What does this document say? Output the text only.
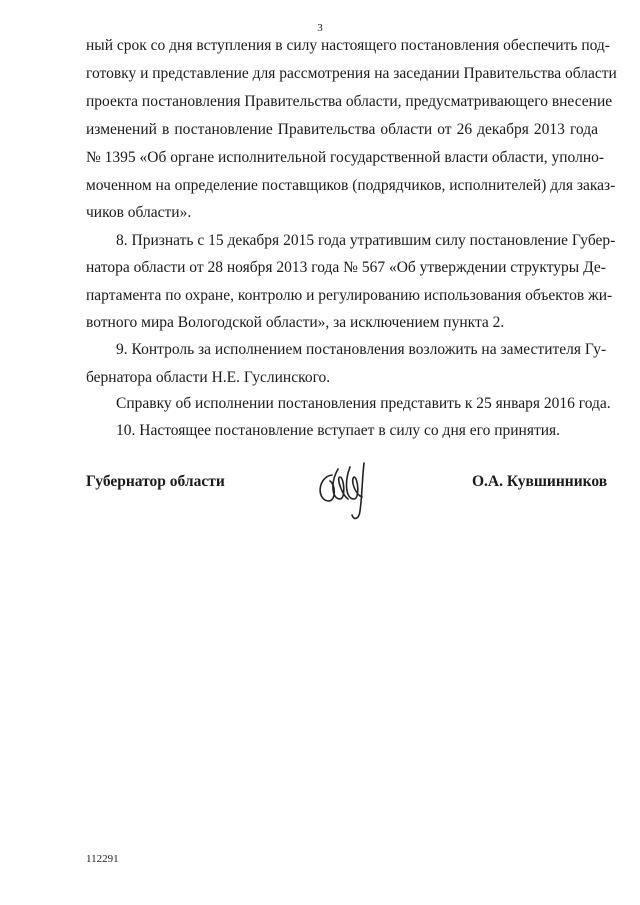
3
ный срок со дня вступления в силу настоящего постановления обеспечить под-
готовку и представление для рассмотрения на заседании Правительства области
проекта постановления Правительства области, предусматривающего внесение
изменений в постановление Правительства области от 26 декабря 2013 года
№ 1395 «Об органе исполнительной государственной власти области, уполно-
моченном на определение поставщиков (подрядчиков, исполнителей) для заказ-
чиков области».
8. Признать с 15 декабря 2015 года утратившим силу постановление Губер-
натора области от 28 ноября 2013 года № 567 «Об утверждении структуры Де-
партамента по охране, контролю и регулированию использования объектов жи-
вотного мира Вологодской области», за исключением пункта 2.
9. Контроль за исполнением постановления возложить на заместителя Гу-
бернатора области Н.Е. Гуслинского.
Справку об исполнении постановления представить к 25 января 2016 года.
10. Настоящее постановление вступает в силу со дня его принятия.
Губернатор области	О.А. Кувшинников
112291
